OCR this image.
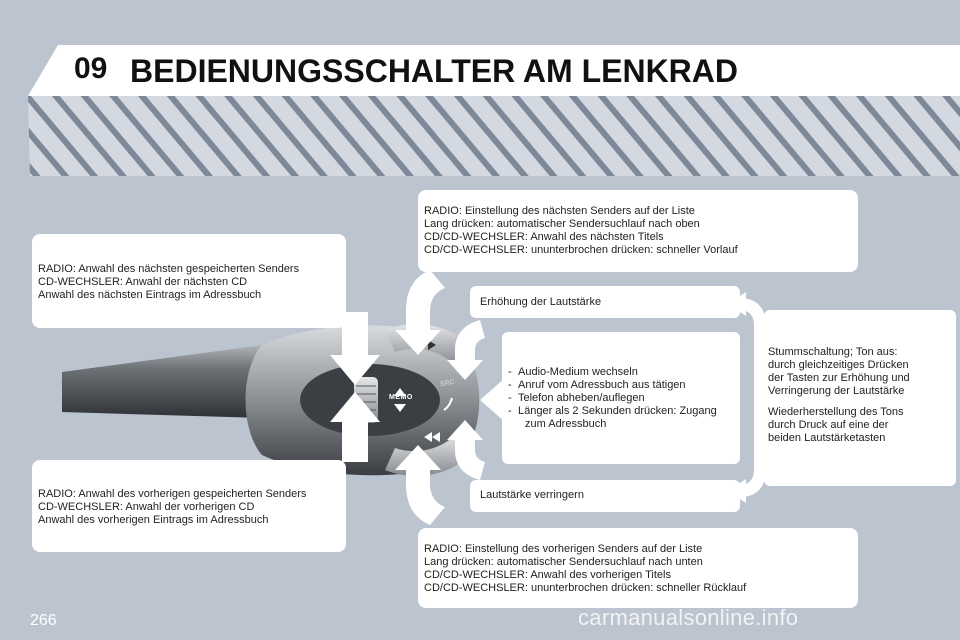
09 BEDIENUNGSSCHALTER AM LENKRAD
RADIO: Anwahl des nächsten gespeicherten Senders
CD-WECHSLER: Anwahl der nächsten CD
Anwahl des nächsten Eintrags im Adressbuch
RADIO: Anwahl des vorherigen gespeicherten Senders
CD-WECHSLER: Anwahl der vorherigen CD
Anwahl des vorherigen Eintrags im Adressbuch
RADIO: Einstellung des nächsten Senders auf der Liste
Lang drücken: automatischer Sendersuchlauf nach oben
CD/CD-WECHSLER: Anwahl des nächsten Titels
CD/CD-WECHSLER: ununterbrochen drücken: schneller Vorlauf
RADIO: Einstellung des vorherigen Senders auf der Liste
Lang drücken: automatischer Sendersuchlauf nach unten
CD/CD-WECHSLER: Anwahl des vorherigen Titels
CD/CD-WECHSLER: ununterbrochen drücken: schneller Rücklauf
Erhöhung der Lautstärke
Lautstärke verringern
- Audio-Medium wechseln
- Anruf vom Adressbuch aus tätigen
- Telefon abheben/auflegen
- Länger als 2 Sekunden drücken: Zugang
zum Adressbuch
Stummschaltung; Ton aus:
durch gleichzeitiges Drücken
der Tasten zur Erhöhung und
Verringerung der Lautstärke
Wiederherstellung des Tons
durch Druck auf eine der
beiden Lautstärketasten
MEMO
SRC
266	carmanualsonline.info
